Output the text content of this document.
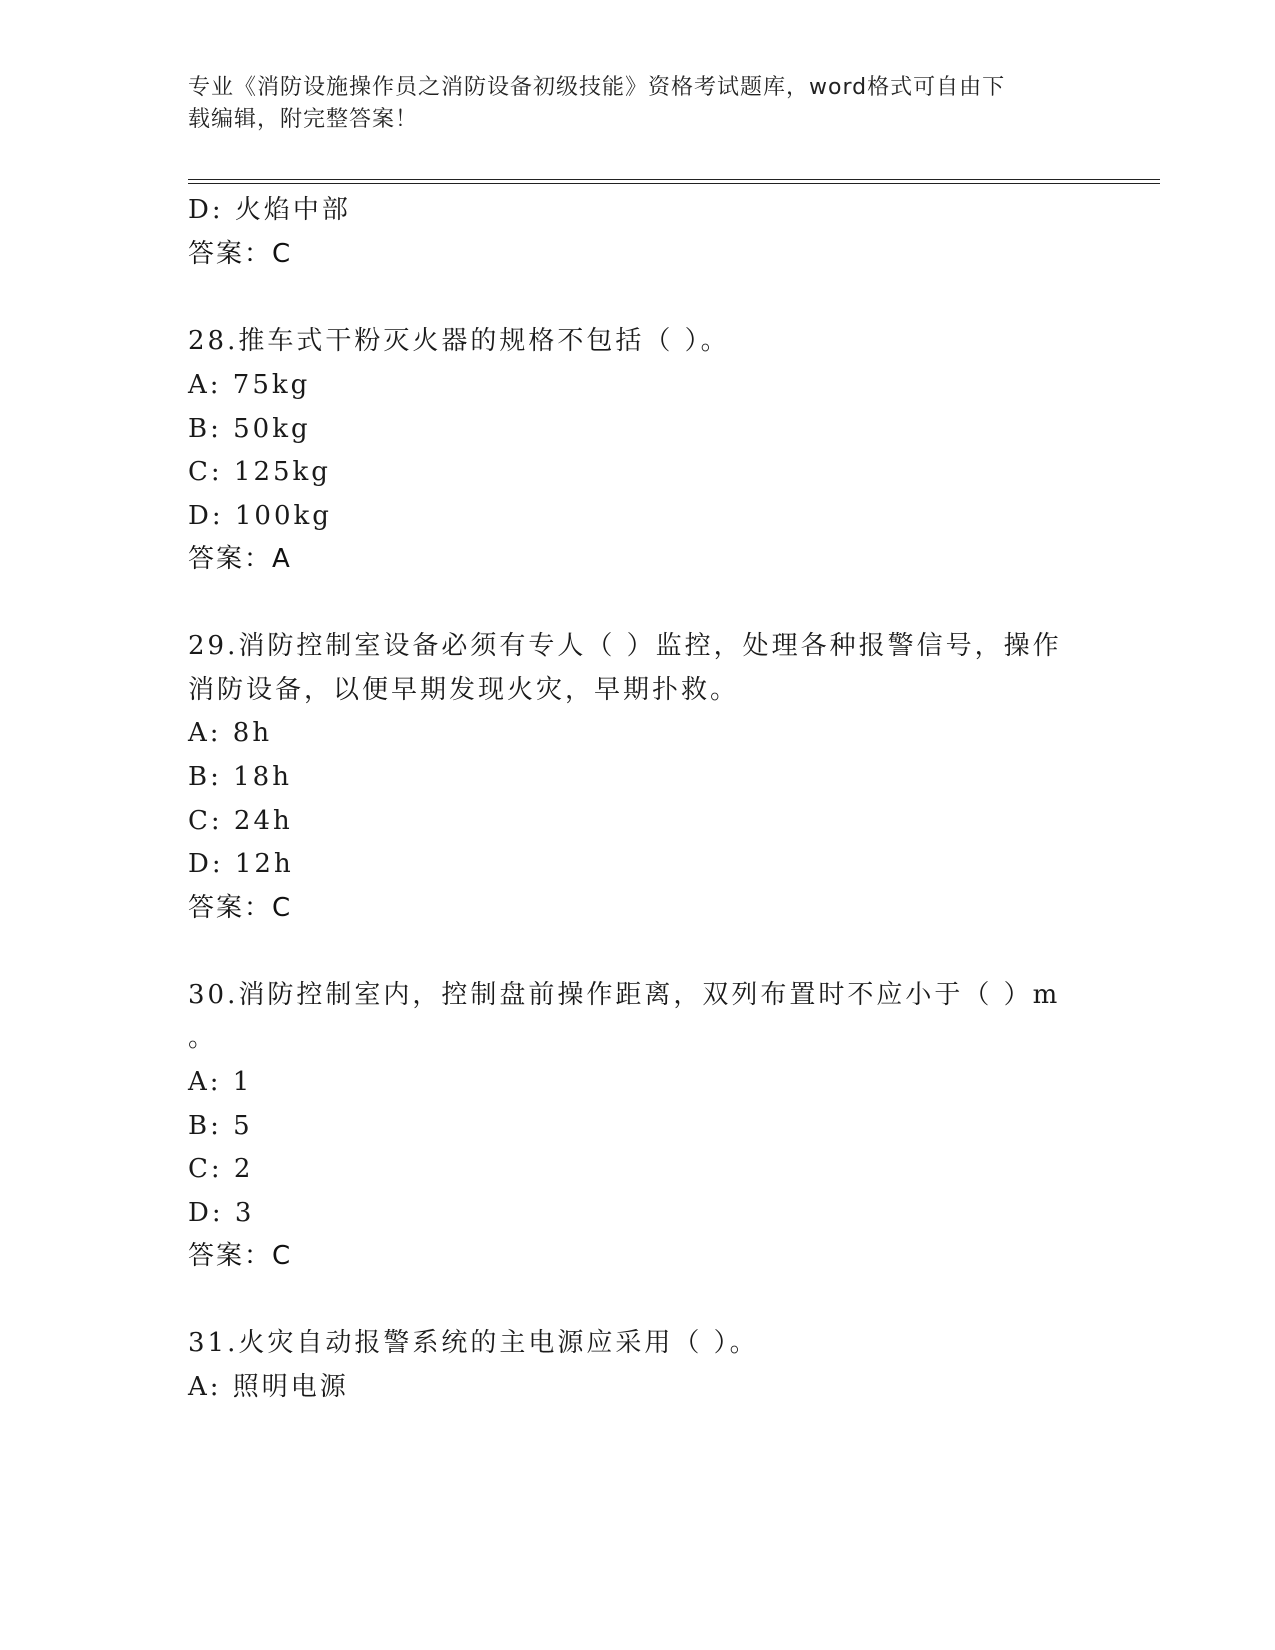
专业《消防设施操作员之消防设备初级技能》资格考试题库，word格式可自由下
载编辑，附完整答案！
D: 火焰中部
答案：C
28.推车式干粉灭火器的规格不包括（ ）。
A: 75kg
B: 50kg
C: 125kg
D: 100kg
答案：A
29.消防控制室设备必须有专人（ ）监控，处理各种报警信号，操作
消防设备，以便早期发现火灾，早期扑救。
A: 8h
B: 18h
C: 24h
D: 12h
答案：C
30.消防控制室内，控制盘前操作距离，双列布置时不应小于（ ）m
。
A: 1
B: 5
C: 2
D: 3
答案：C
31.火灾自动报警系统的主电源应采用（ ）。
A: 照明电源
